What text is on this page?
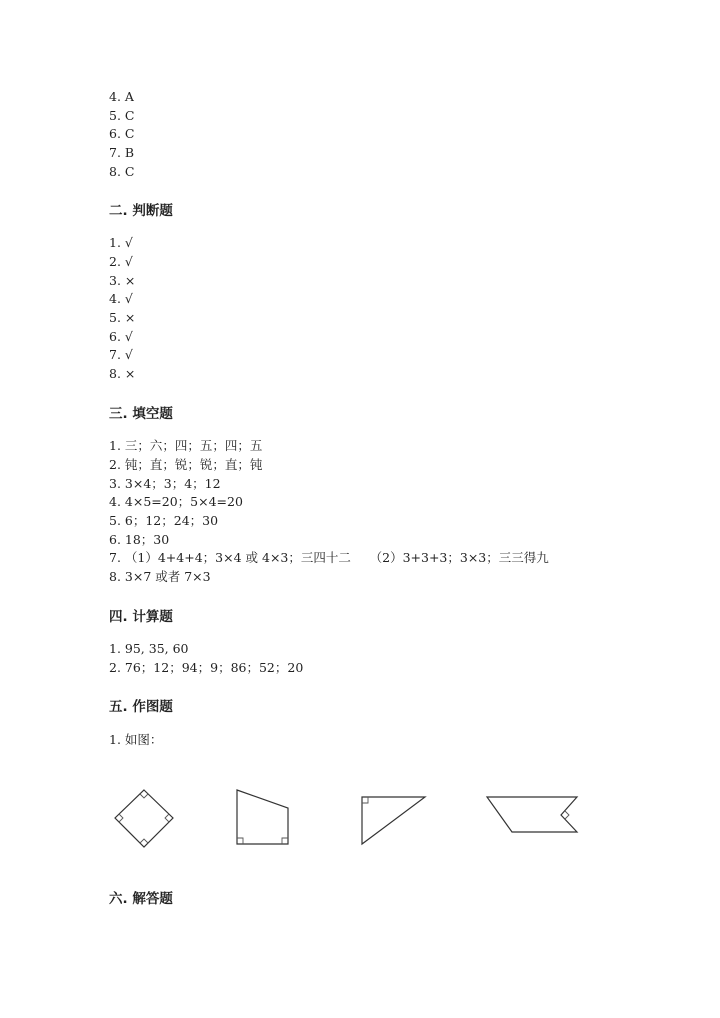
4. A
5. C
6. C
7. B
8. C
二. 判断题
1. √
2. √
3. ×
4. √
5. ×
6. √
7. √
8. ×
三. 填空题
1. 三；六；四；五；四；五
2. 钝；直；锐；锐；直；钝
3. 3×4；3；4；12
4. 4×5=20；5×4=20
5. 6；12；24；30
6. 18；30
7. （1）4+4+4；3×4 或 4×3；三四十二　　（2）3+3+3；3×3；三三得九
8. 3×7 或者 7×3
四. 计算题
1. 95, 35, 60
2. 76；12；94；9；86；52；20
五. 作图题
1. 如图：
六. 解答题
